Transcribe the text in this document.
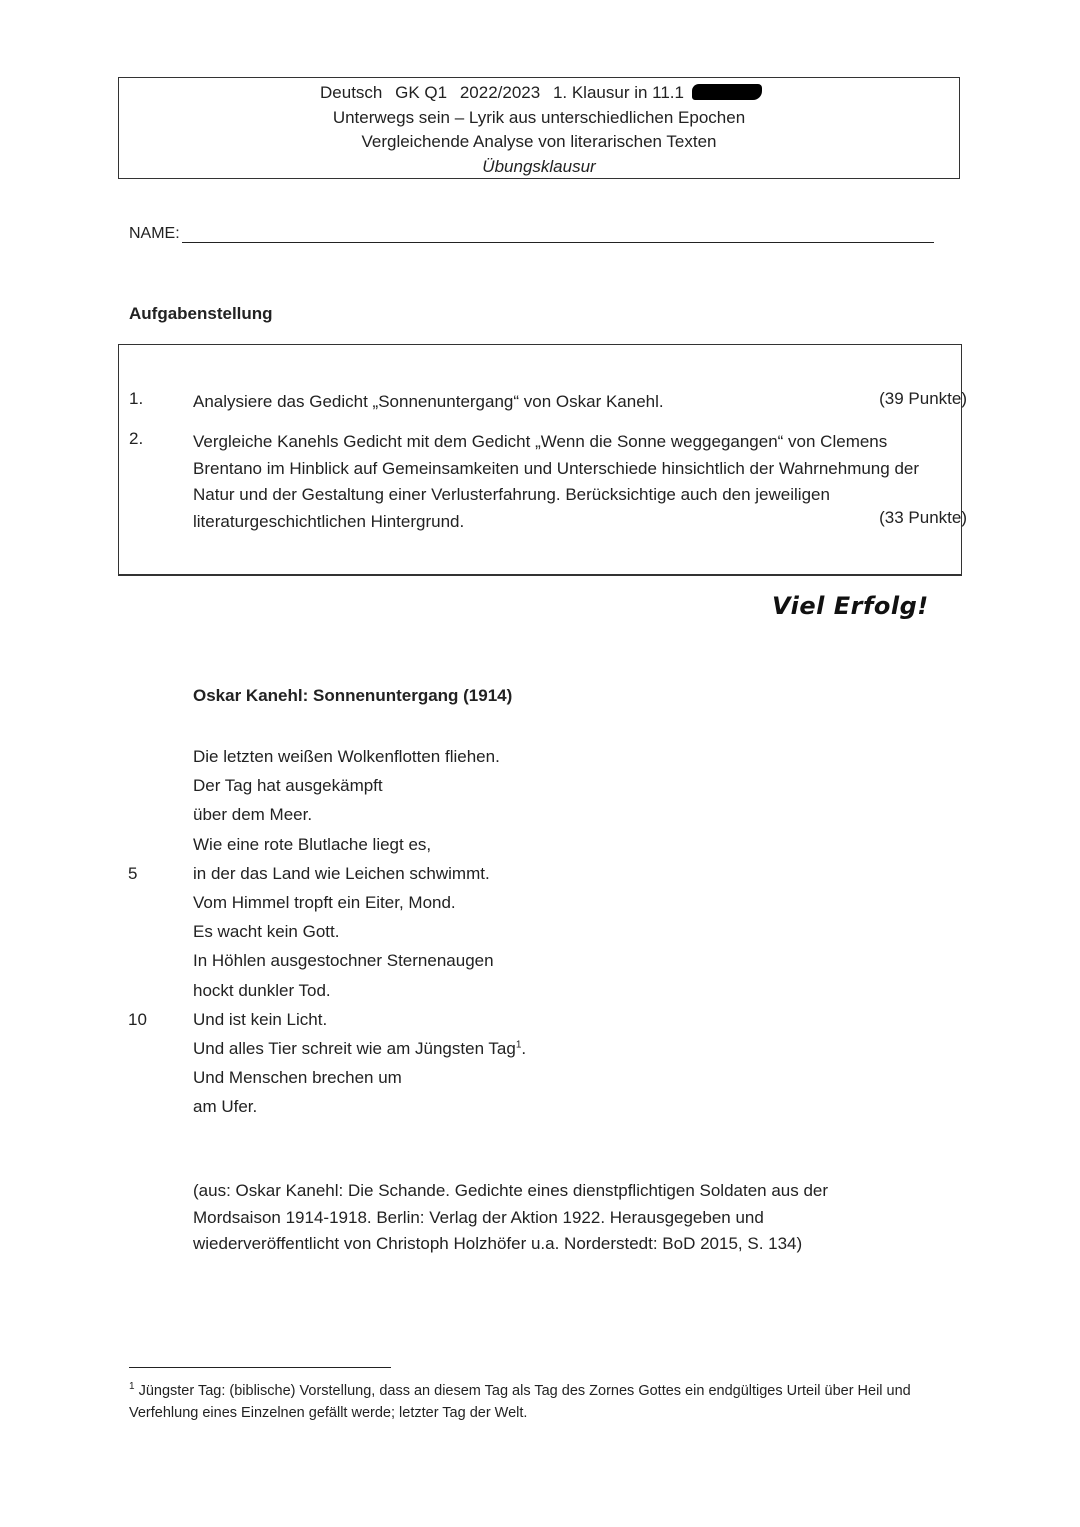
Deutsch GK Q1 2022/2023 1. Klausur in 11.1
Unterwegs sein – Lyrik aus unterschiedlichen Epochen
Vergleichende Analyse von literarischen Texten
Übungsklausur
NAME:
Aufgabenstellung
1.	Analysiere das Gedicht „Sonnenuntergang“ von Oskar Kanehl.	(39 Punkte)
2.	Vergleiche Kanehls Gedicht mit dem Gedicht „Wenn die Sonne weggegangen“ von Clemens Brentano im Hinblick auf Gemeinsamkeiten und Unterschiede hinsichtlich der Wahrnehmung der Natur und der Gestaltung einer Verlusterfahrung. Berücksichtige auch den jeweiligen literaturgeschichtlichen Hintergrund.	(33 Punkte)
Viel Erfolg!
Oskar Kanehl: Sonnenuntergang (1914)
Die letzten weißen Wolkenflotten fliehen.
Der Tag hat ausgekämpft
über dem Meer.
Wie eine rote Blutlache liegt es,
5	in der das Land wie Leichen schwimmt.
Vom Himmel tropft ein Eiter, Mond.
Es wacht kein Gott.
In Höhlen ausgestochner Sternenaugen
hockt dunkler Tod.
10	Und ist kein Licht.
Und alles Tier schreit wie am Jüngsten Tag$^1$.
Und Menschen brechen um
am Ufer.
(aus: Oskar Kanehl: Die Schande. Gedichte eines dienstpflichtigen Soldaten aus der Mordsaison 1914-1918. Berlin: Verlag der Aktion 1922. Herausgegeben und wiederveröffentlicht von Christoph Holzhöfer u.a. Norderstedt: BoD 2015, S. 134)
$^1$ Jüngster Tag: (biblische) Vorstellung, dass an diesem Tag als Tag des Zornes Gottes ein endgültiges Urteil über Heil und Verfehlung eines Einzelnen gefällt werde; letzter Tag der Welt.
